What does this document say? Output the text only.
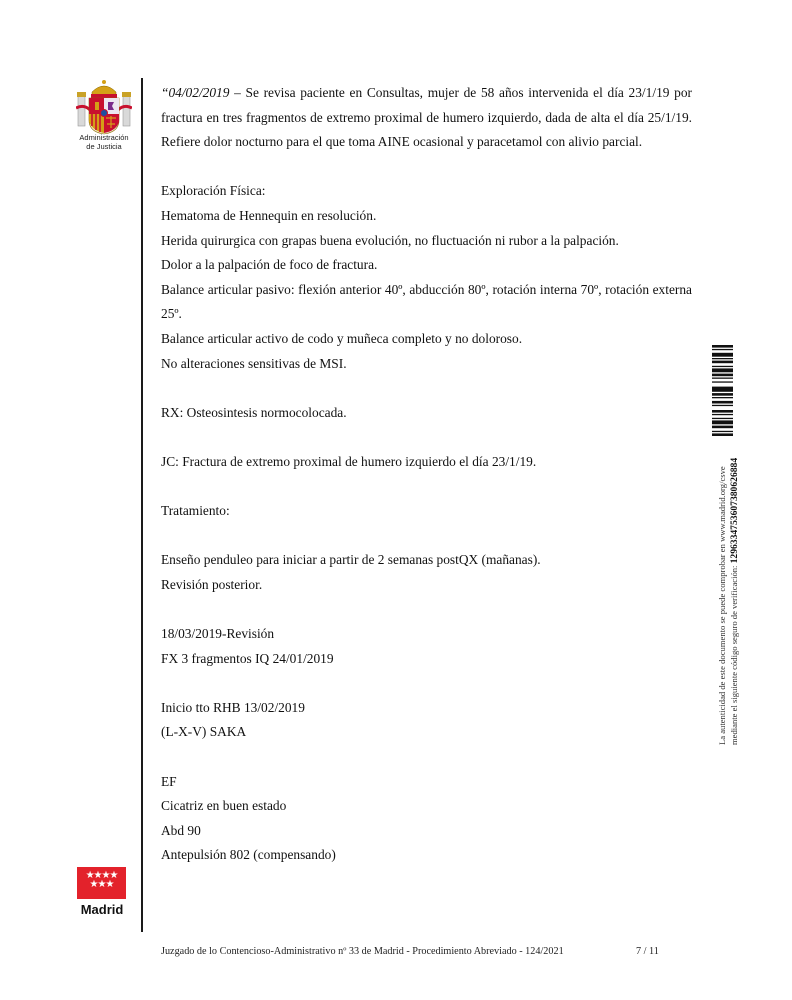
Administración
de Justicia

“04/02/2019 – Se revisa paciente en Consultas, mujer de 58 años intervenida el día 23/1/19 por fractura en tres fragmentos de extremo proximal de humero izquierdo, dada de alta el día 25/1/19. Refiere dolor nocturno para el que toma AINE ocasional y paracetamol con alivio parcial.

Exploración Física:

Hematoma de Hennequin en resolución.

Herida quirurgica con grapas buena evolución, no fluctuación ni rubor a la palpación.

Dolor a la palpación de foco de fractura.

Balance articular pasivo: flexión anterior 40º, abducción 80º, rotación interna 70º, rotación externa 25º.

Balance articular activo de codo y muñeca completo y no doloroso.

No alteraciones sensitivas de MSI.

RX: Osteosintesis normocolocada.

JC: Fractura de extremo proximal de humero izquierdo el día 23/1/19.

Tratamiento:

Enseño penduleo para iniciar a partir de 2 semanas postQX (mañanas).

Revisión posterior.

18/03/2019-Revisión

FX 3 fragmentos IQ 24/01/2019

Inicio tto RHB 13/02/2019

(L-X-V) SAKA

EF

Cicatriz en buen estado

Abd 90

Antepulsión 802 (compensando)

La autenticidad de este documento se puede comprobar en www.madrid.org/csve mediante el siguiente código seguro de verificación: 1296334753607380626884
★★★★
★★★
Madrid
Juzgado de lo Contencioso-Administrativo nº 33 de Madrid - Procedimiento Abreviado - 124/2021	7 / 11
